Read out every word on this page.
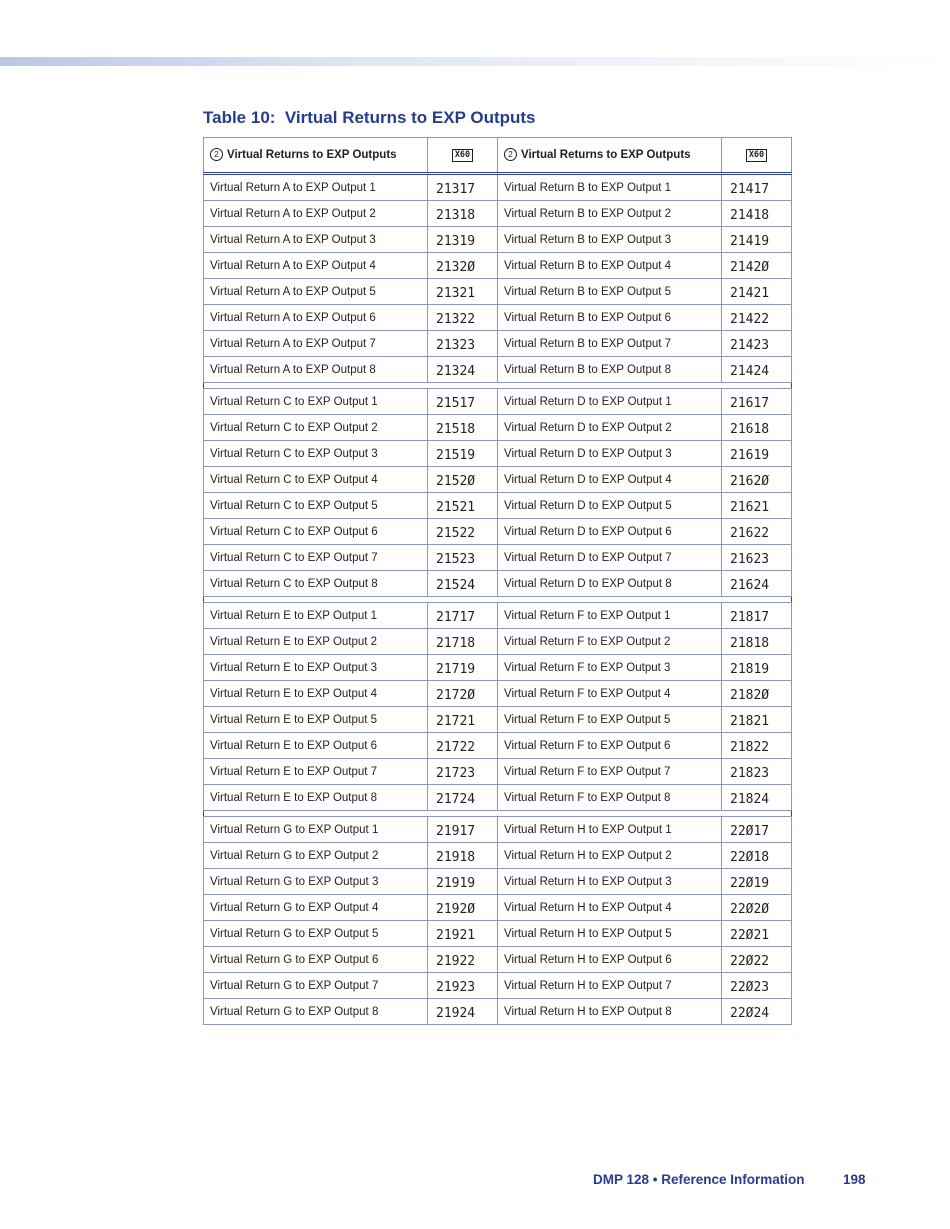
Table 10:  Virtual Returns to EXP Outputs
2 Virtual Returns to EXP Outputs	X60	2 Virtual Returns to EXP Outputs	X60
Virtual Return A to EXP Output 1	21317	Virtual Return B to EXP Output 1	21417
Virtual Return A to EXP Output 2	21318	Virtual Return B to EXP Output 2	21418
Virtual Return A to EXP Output 3	21319	Virtual Return B to EXP Output 3	21419
Virtual Return A to EXP Output 4	2132Ø	Virtual Return B to EXP Output 4	2142Ø
Virtual Return A to EXP Output 5	21321	Virtual Return B to EXP Output 5	21421
Virtual Return A to EXP Output 6	21322	Virtual Return B to EXP Output 6	21422
Virtual Return A to EXP Output 7	21323	Virtual Return B to EXP Output 7	21423
Virtual Return A to EXP Output 8	21324	Virtual Return B to EXP Output 8	21424

Virtual Return C to EXP Output 1	21517	Virtual Return D to EXP Output 1	21617
Virtual Return C to EXP Output 2	21518	Virtual Return D to EXP Output 2	21618
Virtual Return C to EXP Output 3	21519	Virtual Return D to EXP Output 3	21619
Virtual Return C to EXP Output 4	2152Ø	Virtual Return D to EXP Output 4	2162Ø
Virtual Return C to EXP Output 5	21521	Virtual Return D to EXP Output 5	21621
Virtual Return C to EXP Output 6	21522	Virtual Return D to EXP Output 6	21622
Virtual Return C to EXP Output 7	21523	Virtual Return D to EXP Output 7	21623
Virtual Return C to EXP Output 8	21524	Virtual Return D to EXP Output 8	21624

Virtual Return E to EXP Output 1	21717	Virtual Return F to EXP Output 1	21817
Virtual Return E to EXP Output 2	21718	Virtual Return F to EXP Output 2	21818
Virtual Return E to EXP Output 3	21719	Virtual Return F to EXP Output 3	21819
Virtual Return E to EXP Output 4	2172Ø	Virtual Return F to EXP Output 4	2182Ø
Virtual Return E to EXP Output 5	21721	Virtual Return F to EXP Output 5	21821
Virtual Return E to EXP Output 6	21722	Virtual Return F to EXP Output 6	21822
Virtual Return E to EXP Output 7	21723	Virtual Return F to EXP Output 7	21823
Virtual Return E to EXP Output 8	21724	Virtual Return F to EXP Output 8	21824

Virtual Return G to EXP Output 1	21917	Virtual Return H to EXP Output 1	22Ø17
Virtual Return G to EXP Output 2	21918	Virtual Return H to EXP Output 2	22Ø18
Virtual Return G to EXP Output 3	21919	Virtual Return H to EXP Output 3	22Ø19
Virtual Return G to EXP Output 4	2192Ø	Virtual Return H to EXP Output 4	22Ø2Ø
Virtual Return G to EXP Output 5	21921	Virtual Return H to EXP Output 5	22Ø21
Virtual Return G to EXP Output 6	21922	Virtual Return H to EXP Output 6	22Ø22
Virtual Return G to EXP Output 7	21923	Virtual Return H to EXP Output 7	22Ø23
Virtual Return G to EXP Output 8	21924	Virtual Return H to EXP Output 8	22Ø24
DMP 128 • Reference Information	198
